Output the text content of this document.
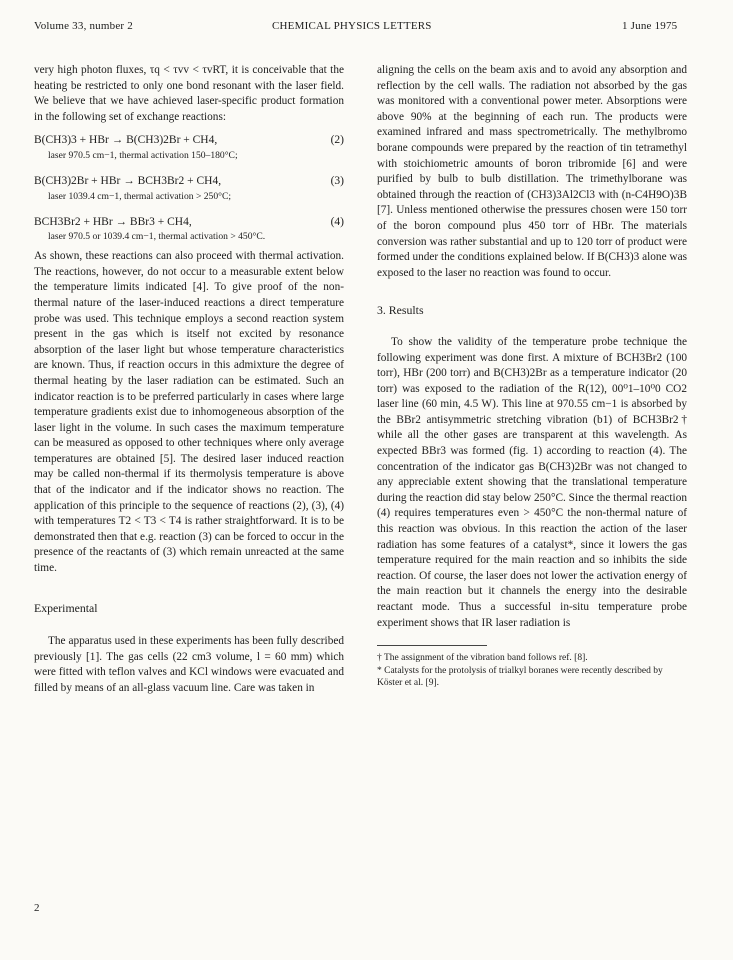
Volume 33, number 2	CHEMICAL PHYSICS LETTERS	1 June 1975

very high photon fluxes, τq < τvv < τvRT, it is conceivable that the heating be restricted to only one bond resonant with the laser field. We believe that we have achieved laser-specific product formation in the following set of exchange reactions:

B(CH3)3 + HBr → B(CH3)2Br + CH4,	(2)
laser 970.5 cm−1, thermal activation 150–180°C;
B(CH3)2Br + HBr → BCH3Br2 + CH4,	(3)
laser 1039.4 cm−1, thermal activation > 250°C;
BCH3Br2 + HBr → BBr3 + CH4,	(4)
laser 970.5 or 1039.4 cm−1, thermal activation > 450°C.

As shown, these reactions can also proceed with thermal activation. The reactions, however, do not occur to a measurable extent below the temperature limits indicated [4]. To give proof of the non-thermal nature of the laser-induced reactions a direct temperature probe was used. This technique employs a second reaction system present in the gas which is itself not excited by resonance absorption of the laser light but whose temperature characteristics are known. Thus, if reaction occurs in this admixture the degree of thermal heating by the laser radiation can be estimated. Such an indicator reaction is to be preferred particularly in cases where large temperature gradients exist due to inhomogeneous absorption of the laser light in the volume. In such cases the maximum temperature can be measured as opposed to other techniques where only average temperatures are obtained [5]. The desired laser induced reaction may be called non-thermal if its thermolysis temperature is above that of the indicator and if the indicator shows no reaction. The application of this principle to the sequence of reactions (2), (3), (4) with temperatures T2 < T3 < T4 is rather straightforward. It is to be demonstrated then that e.g. reaction (3) can be forced to occur in the presence of the reactants of (3) which remain unreacted at the same time.

Experimental

The apparatus used in these experiments has been fully described previously [1]. The gas cells (22 cm3 volume, l = 60 mm) which were fitted with teflon valves and KCl windows were evacuated and filled by means of an all-glass vacuum line. Care was taken in

aligning the cells on the beam axis and to avoid any absorption and reflection by the cell walls. The radiation not absorbed by the gas was monitored with a conventional power meter. Absorptions were above 90% at the beginning of each run. The products were examined infrared and mass spectrometrically. The methylbromo borane compounds were prepared by the reaction of tin tetramethyl with stoichiometric amounts of boron tribromide [6] and were purified by bulb to bulb distillation. The trimethylborane was obtained through the reaction of (CH3)3Al2Cl3 with (n-C4H9O)3B [7]. Unless mentioned otherwise the pressures chosen were 150 torr of the boron compound plus 450 torr of HBr. The materials conversion was rather substantial and up to 120 torr of product were formed under the conditions explained below. If B(CH3)3 alone was exposed to the laser no reaction was found to occur.

3. Results

To show the validity of the temperature probe technique the following experiment was done first. A mixture of BCH3Br2 (100 torr), HBr (200 torr) and B(CH3)2Br as a temperature indicator (20 torr) was exposed to the radiation of the R(12), 00⁰1–10⁰0 CO2 laser line (60 min, 4.5 W). This line at 970.55 cm−1 is absorbed by the BBr2 antisymmetric stretching vibration (b1) of BCH3Br2† while all the other gases are transparent at this wavelength. As expected BBr3 was formed (fig. 1) according to reaction (4). The concentration of the indicator gas B(CH3)2Br was not changed to any appreciable extent showing that the translational temperature during the reaction did stay below 250°C. Since the thermal reaction (4) requires temperatures even > 450°C the non-thermal nature of this reaction was obvious. In this reaction the action of the laser radiation has some features of a catalyst*, since it lowers the gas temperature required for the main reaction and so inhibits the side reaction. Of course, the laser does not lower the activation energy of the main reaction but it channels the energy into the desirable reactant mode. Thus a successful in-situ temperature probe experiment shows that IR laser radiation is

† The assignment of the vibration band follows ref. [8].

* Catalysts for the protolysis of trialkyl boranes were recently described by Köster et al. [9].

2
